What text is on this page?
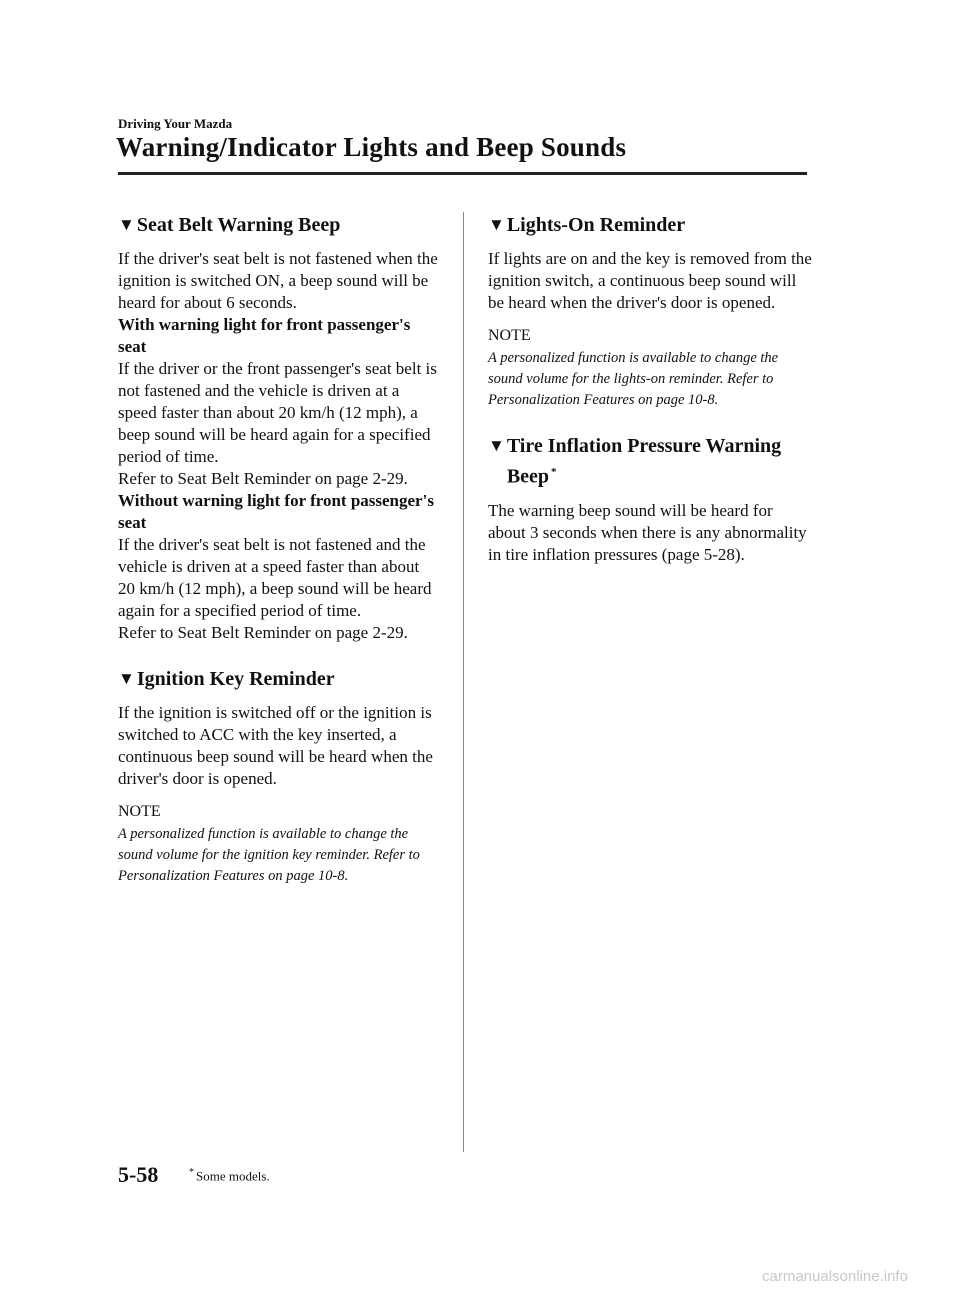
Driving Your Mazda
Warning/Indicator Lights and Beep Sounds
▼ Seat Belt Warning Beep

If the driver's seat belt is not fastened when the ignition is switched ON, a beep sound will be heard for about 6 seconds.

With warning light for front passenger's seat

If the driver or the front passenger's seat belt is not fastened and the vehicle is driven at a speed faster than about 20 km/h (12 mph), a beep sound will be heard again for a specified period of time.

Refer to Seat Belt Reminder on page 2-29.

Without warning light for front passenger's seat

If the driver's seat belt is not fastened and the vehicle is driven at a speed faster than about 20 km/h (12 mph), a beep sound will be heard again for a specified period of time.

Refer to Seat Belt Reminder on page 2-29.

▼ Ignition Key Reminder

If the ignition is switched off or the ignition is switched to ACC with the key inserted, a continuous beep sound will be heard when the driver's door is opened.

NOTE

A personalized function is available to change the sound volume for the ignition key reminder. Refer to Personalization Features on page 10-8.

▼ Lights-On Reminder

If lights are on and the key is removed from the ignition switch, a continuous beep sound will be heard when the driver's door is opened.

NOTE

A personalized function is available to change the sound volume for the lights-on reminder. Refer to Personalization Features on page 10-8.

▼ Tire Inflation Pressure Warning Beep *

The warning beep sound will be heard for about 3 seconds when there is any abnormality in tire inflation pressures (page 5-28).

5-58	* Some models.
carmanualsonline.info
